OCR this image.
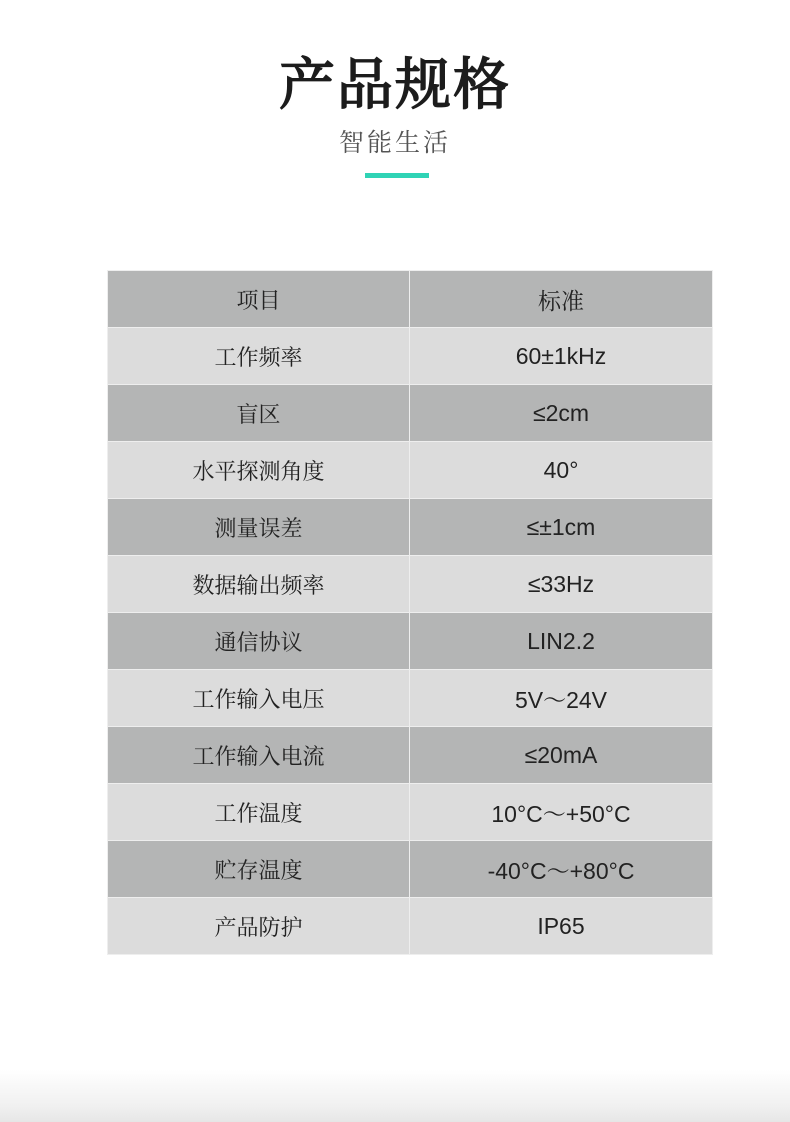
产品规格
智能生活
项目	标准
工作频率	60±1kHz
盲区	≤2cm
水平探测角度	40°
测量误差	≤±1cm
数据输出频率	≤33Hz
通信协议	LIN2.2
工作输入电压	5V～24V
工作输入电流	≤20mA
工作温度	10°C～+50°C
贮存温度	-40°C～+80°C
产品防护	IP65
